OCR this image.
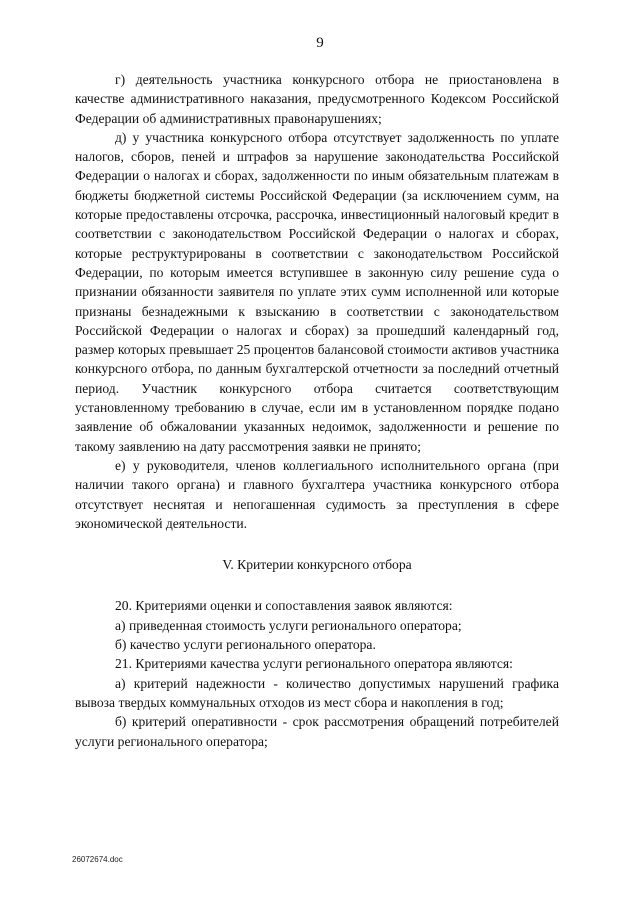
9

г) деятельность участника конкурсного отбора не приостановлена в качестве административного наказания, предусмотренного Кодексом Российской Федерации об административных правонарушениях;

д) у участника конкурсного отбора отсутствует задолженность по уплате налогов, сборов, пеней и штрафов за нарушение законодательства Российской Федерации о налогах и сборах, задолженности по иным обязательным платежам в бюджеты бюджетной системы Российской Федерации (за исключением сумм, на которые предоставлены отсрочка, рассрочка, инвестиционный налоговый кредит в соответствии с законодательством Российской Федерации о налогах и сборах, которые реструктурированы в соответствии с законодательством Российской Федерации, по которым имеется вступившее в законную силу решение суда о признании обязанности заявителя по уплате этих сумм исполненной или которые признаны безнадежными к взысканию в соответствии с законодательством Российской Федерации о налогах и сборах) за прошедший календарный год, размер которых превышает 25 процентов балансовой стоимости активов участника конкурсного отбора, по данным бухгалтерской отчетности за последний отчетный период. Участник конкурсного отбора считается соответствующим установленному требованию в случае, если им в установленном порядке подано заявление об обжаловании указанных недоимок, задолженности и решение по такому заявлению на дату рассмотрения заявки не принято;

е) у руководителя, членов коллегиального исполнительного органа (при наличии такого органа) и главного бухгалтера участника конкурсного отбора отсутствует неснятая и непогашенная судимость за преступления в сфере экономической деятельности.

V. Критерии конкурсного отбора

20. Критериями оценки и сопоставления заявок являются:

а) приведенная стоимость услуги регионального оператора;

б) качество услуги регионального оператора.

21. Критериями качества услуги регионального оператора являются:

а) критерий надежности - количество допустимых нарушений графика вывоза твердых коммунальных отходов из мест сбора и накопления в год;

б) критерий оперативности - срок рассмотрения обращений потребителей услуги регионального оператора;

26072674.doc
